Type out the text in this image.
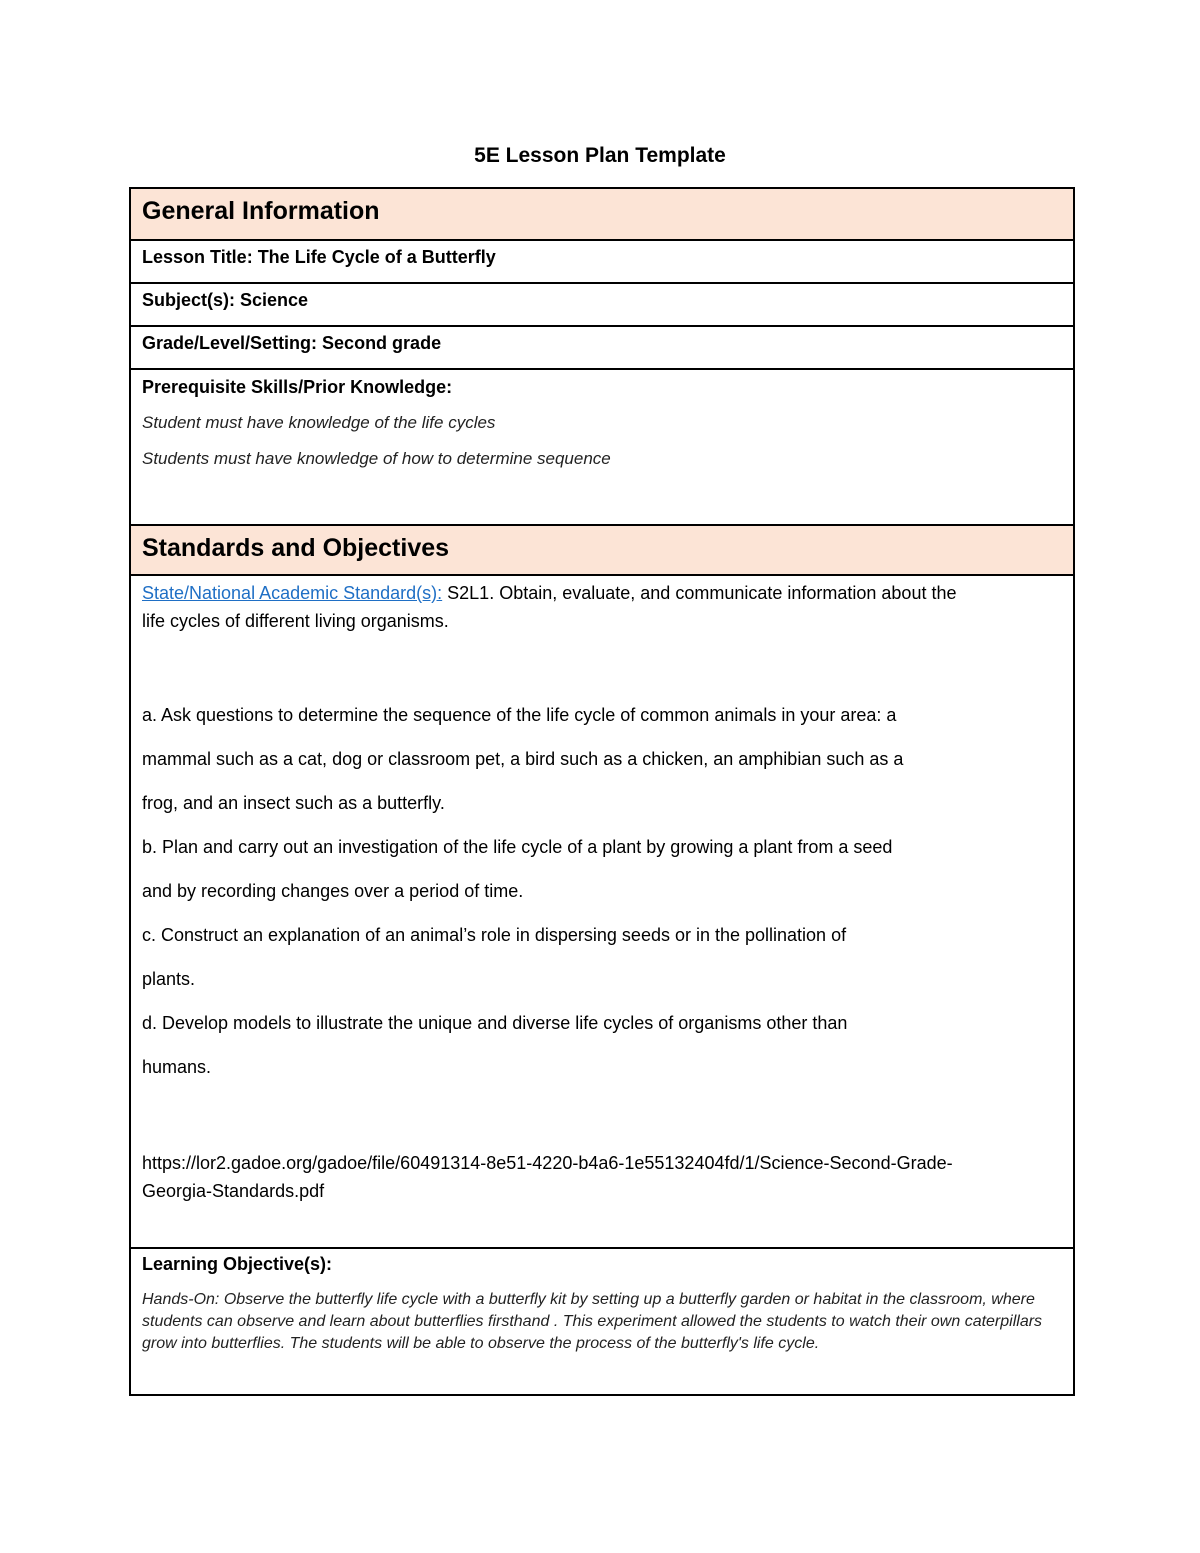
5E Lesson Plan Template
General Information
Lesson Title: The Life Cycle of a Butterfly
Subject(s): Science
Grade/Level/Setting: Second grade
Prerequisite Skills/Prior Knowledge:
Student must have knowledge of the life cycles
Students must have knowledge of how to determine sequence
Standards and Objectives
State/National Academic Standard(s): S2L1. Obtain, evaluate, and communicate information about the
life cycles of different living organisms.
a. Ask questions to determine the sequence of the life cycle of common animals in your area: a
mammal such as a cat, dog or classroom pet, a bird such as a chicken, an amphibian such as a
frog, and an insect such as a butterfly.
b. Plan and carry out an investigation of the life cycle of a plant by growing a plant from a seed
and by recording changes over a period of time.
c. Construct an explanation of an animal’s role in dispersing seeds or in the pollination of
plants.
d. Develop models to illustrate the unique and diverse life cycles of organisms other than
humans.
https://lor2.gadoe.org/gadoe/file/60491314-8e51-4220-b4a6-1e55132404fd/1/Science-Second-Grade-
Georgia-Standards.pdf
Learning Objective(s):
Hands-On: Observe the butterfly life cycle with a butterfly kit by setting up a butterfly garden or habitat in the classroom, where students can observe and learn about butterflies firsthand . This experiment allowed the students to watch their own caterpillars grow into butterflies. The students will be able to observe the process of the butterfly's life cycle.
